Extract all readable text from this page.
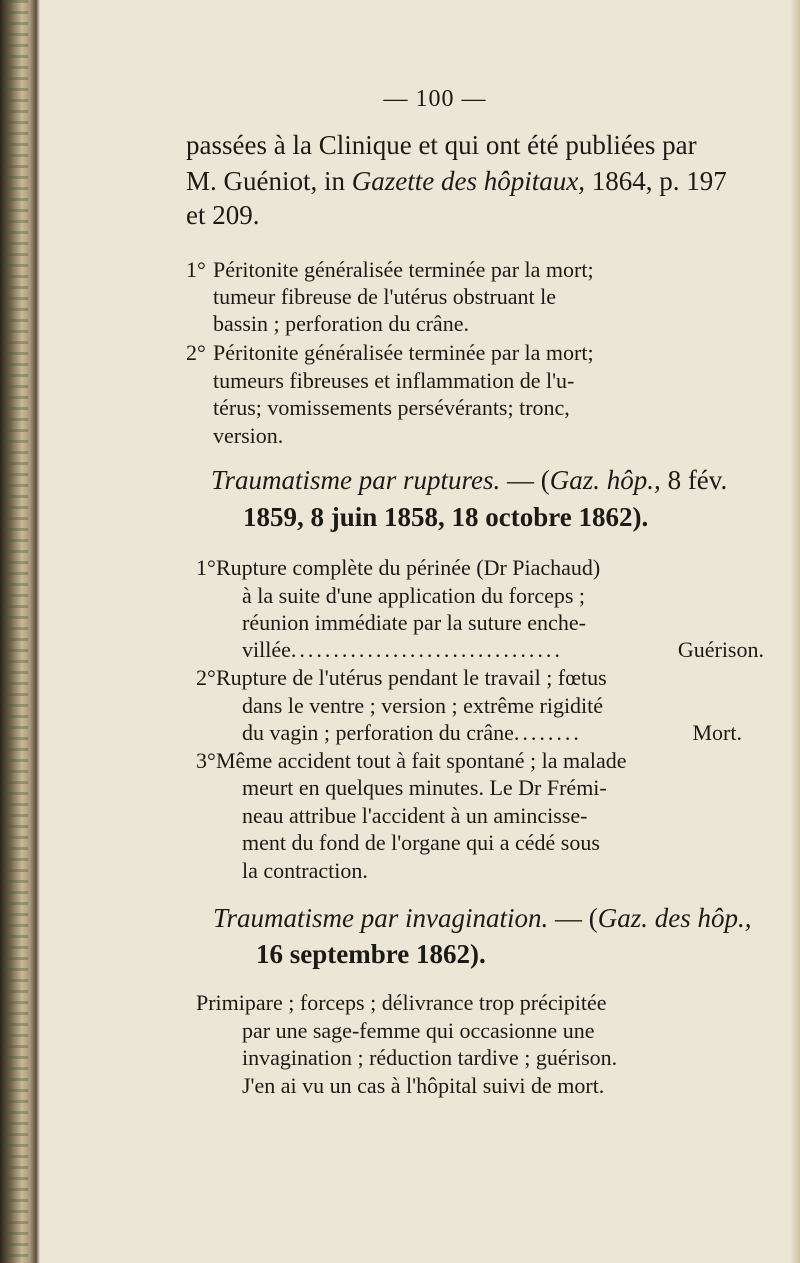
— 100 —
passées à la Clinique et qui ont été publiées par
M. Guéniot, in Gazette des hôpitaux, 1864, p. 197
et 209.
1° Péritonite généralisée terminée par la mort;
tumeur fibreuse de l'utérus obstruant le
bassin ; perforation du crâne.
2° Péritonite généralisée terminée par la mort;
tumeurs fibreuses et inflammation de l'u-
térus; vomissements persévérants; tronc,
version.
Traumatisme par ruptures. — (Gaz. hôp., 8 fév.
1859, 8 juin 1858, 18 octobre 1862).
1° Rupture complète du périnée (Dr Piachaud)
à la suite d'une application du forceps ;
réunion immédiate par la suture enche-
villée................................	Guérison.
2° Rupture de l'utérus pendant le travail ; fœtus
dans le ventre ; version ; extrême rigidité
du vagin ; perforation du crâne........	Mort.
3° Même accident tout à fait spontané ; la malade
meurt en quelques minutes. Le Dr Frémi-
neau attribue l'accident à un amincisse-
ment du fond de l'organe qui a cédé sous
la contraction.
Traumatisme par invagination. — (Gaz. des hôp.,
16 septembre 1862).
Primipare ; forceps ; délivrance trop précipitée
par une sage-femme qui occasionne une
invagination ; réduction tardive ; guérison.
J'en ai vu un cas à l'hôpital suivi de mort.
